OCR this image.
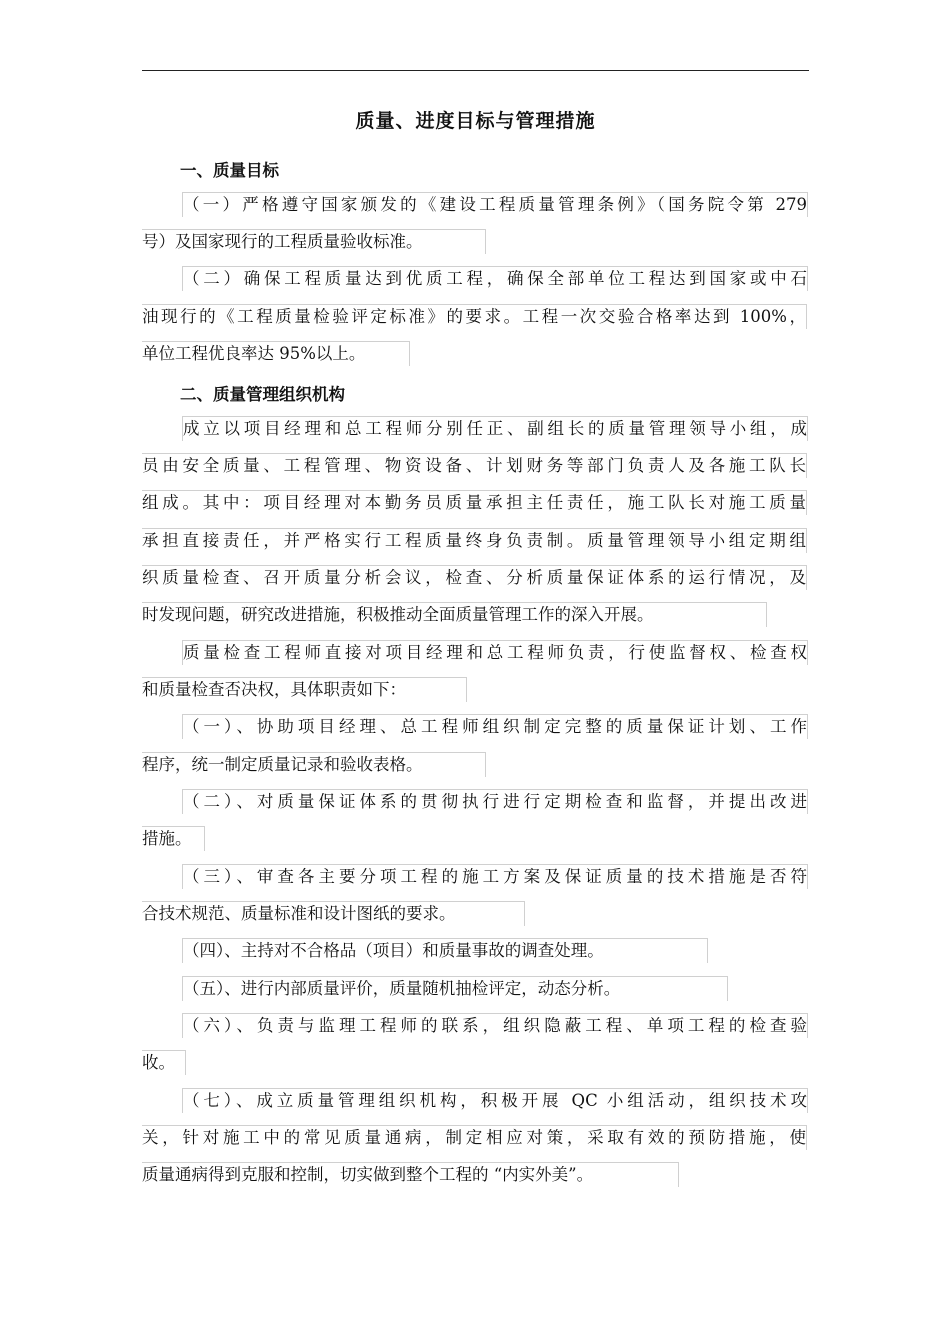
质量、进度目标与管理措施
一、质量目标
（一）严格遵守国家颁发的《建设工程质量管理条例》（国务院令第 279
号）及国家现行的工程质量验收标准。
（二）确保工程质量达到优质工程，确保全部单位工程达到国家或中石
油现行的《工程质量检验评定标准》的要求。工程一次交验合格率达到 100%，
单位工程优良率达 95%以上。
二、质量管理组织机构
成立以项目经理和总工程师分别任正、副组长的质量管理领导小组，成
员由安全质量、工程管理、物资设备、计划财务等部门负责人及各施工队长
组成。其中：项目经理对本勤务员质量承担主任责任，施工队长对施工质量
承担直接责任，并严格实行工程质量终身负责制。质量管理领导小组定期组
织质量检查、召开质量分析会议，检查、分析质量保证体系的运行情况，及
时发现问题，研究改进措施，积极推动全面质量管理工作的深入开展。
质量检查工程师直接对项目经理和总工程师负责，行使监督权、检查权
和质量检查否决权，具体职责如下：
（一）、协助项目经理、总工程师组织制定完整的质量保证计划、工作
程序，统一制定质量记录和验收表格。
（二）、对质量保证体系的贯彻执行进行定期检查和监督，并提出改进
措施。
（三）、审查各主要分项工程的施工方案及保证质量的技术措施是否符
合技术规范、质量标准和设计图纸的要求。
（四）、主持对不合格品（项目）和质量事故的调查处理。
（五）、进行内部质量评价，质量随机抽检评定，动态分析。
（六）、负责与监理工程师的联系，组织隐蔽工程、单项工程的检查验
收。
（七）、成立质量管理组织机构，积极开展 QC 小组活动，组织技术攻
关，针对施工中的常见质量通病，制定相应对策，采取有效的预防措施，使
质量通病得到克服和控制，切实做到整个工程的 “内实外美”。
